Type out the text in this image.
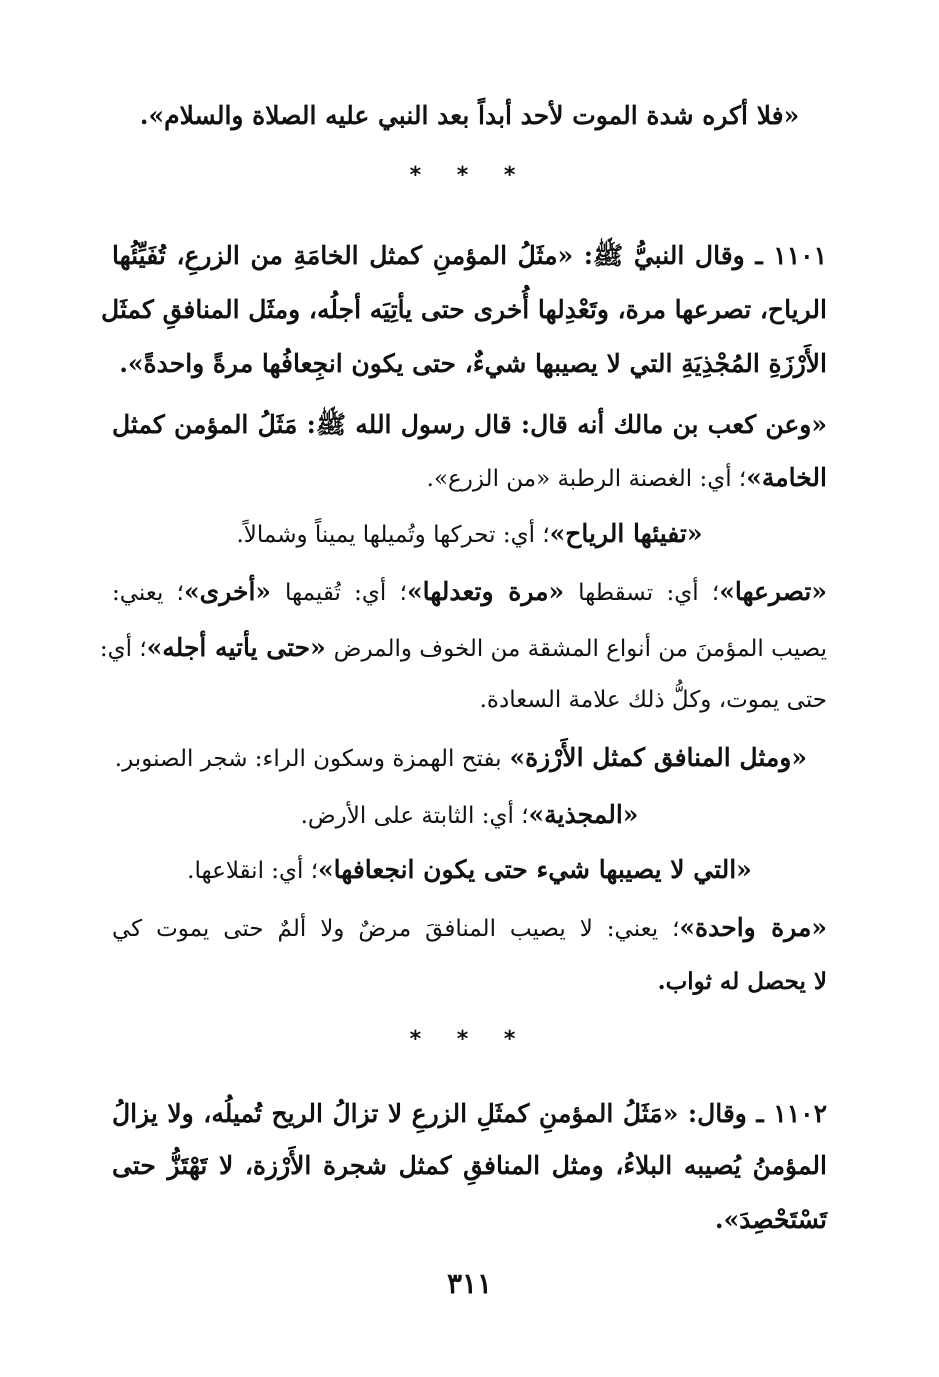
«فلا أكره شدة الموت لأحد أبداً بعد النبي عليه الصلاة والسلام».
* * *
١١٠١ ـ وقال النبيُّ ﷺ: «مثَلُ المؤمنِ كمثل الخامَةِ من الزرعِ، تُفَيِّئُها
الرياح، تصرعها مرة، وتَعْدِلها أُخرى حتى يأتِيَه أجلُه، ومثَل المنافقِ كمثَل
الأَرْزَةِ المُجْذِيَةِ التي لا يصيبها شيءٌ، حتى يكون انجِعافُها مرةً واحدةً».
«وعن كعب بن مالك أنه قال: قال رسول الله ﷺ: مَثَلُ المؤمن كمثل
الخامة»؛ أي: الغصنة الرطبة «من الزرع».
«تفيئها الرياح»؛ أي: تحركها وتُميلها يميناً وشمالاً.
«تصرعها»؛ أي: تسقطها «مرة وتعدلها»؛ أي: تُقيمها «أخرى»؛ يعني:
يصيب المؤمنَ من أنواع المشقة من الخوف والمرض «حتى يأتيه أجله»؛ أي:
حتى يموت، وكلُّ ذلك علامة السعادة.
«ومثل المنافق كمثل الأَرْزة» بفتح الهمزة وسكون الراء: شجر الصنوبر.
«المجذية»؛ أي: الثابتة على الأرض.
«التي لا يصيبها شيء حتى يكون انجعافها»؛ أي: انقلاعها.
«مرة واحدة»؛ يعني: لا يصيب المنافقَ مرضٌ ولا ألمٌ حتى يموت كي
لا يحصل له ثواب.
* * *
١١٠٢ ـ وقال: «مَثَلُ المؤمنِ كمثَلِ الزرعِ لا تزالُ الريح تُميلُه، ولا يزالُ
المؤمنُ يُصيبه البلاءُ، ومثل المنافقِ كمثل شجرة الأَرْزة، لا تَهْتَزُّ حتى
تَسْتَحْصِدَ».
٣١١
